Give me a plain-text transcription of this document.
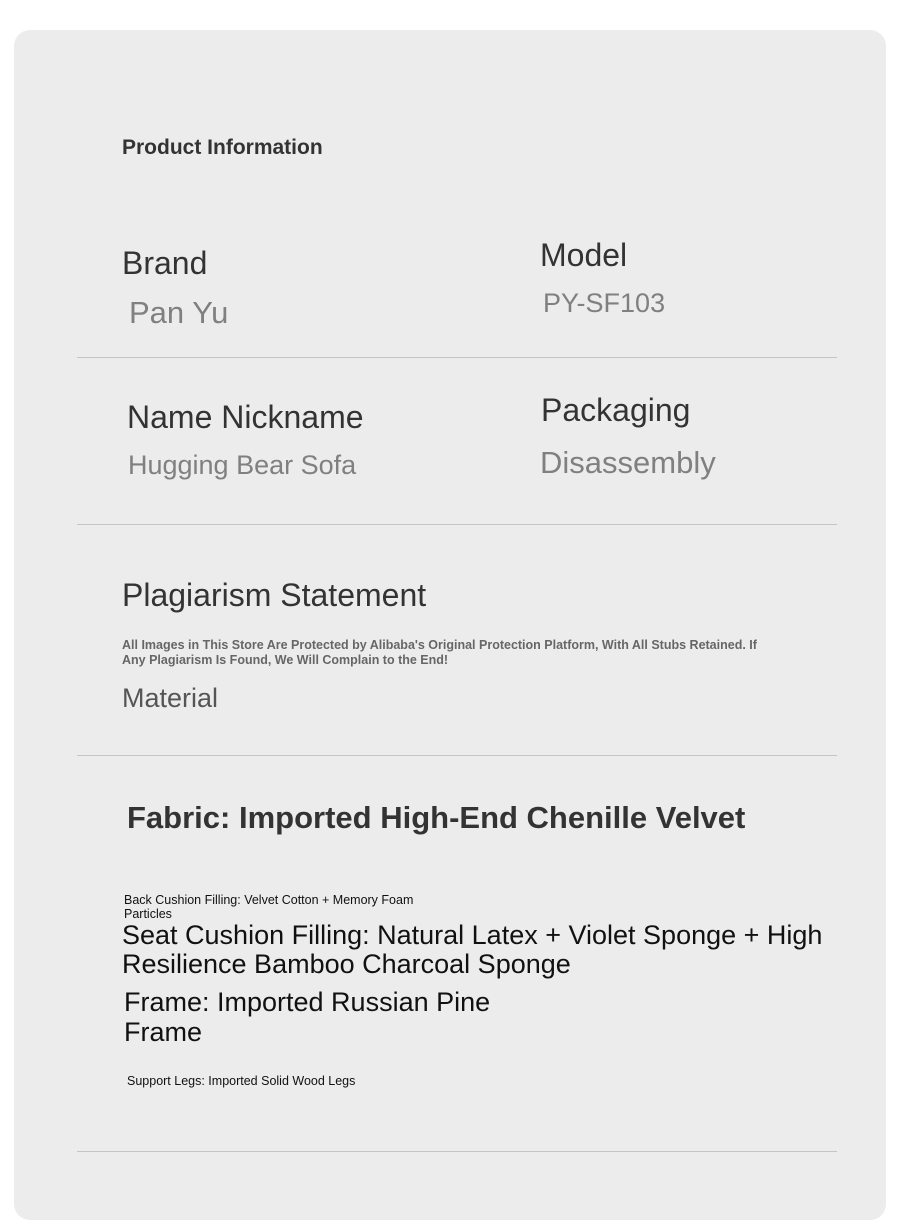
Product Information
Brand
Pan Yu
Model
PY-SF103
Name Nickname
Hugging Bear Sofa
Packaging
Disassembly
Plagiarism Statement
All Images in This Store Are Protected by Alibaba's Original Protection Platform, With All Stubs Retained. If Any Plagiarism Is Found, We Will Complain to the End!
Material
Fabric: Imported High-End Chenille Velvet
Back Cushion Filling: Velvet Cotton + Memory Foam Particles
Seat Cushion Filling: Natural Latex + Violet Sponge + High Resilience Bamboo Charcoal Sponge
Frame: Imported Russian Pine Frame
Support Legs: Imported Solid Wood Legs
